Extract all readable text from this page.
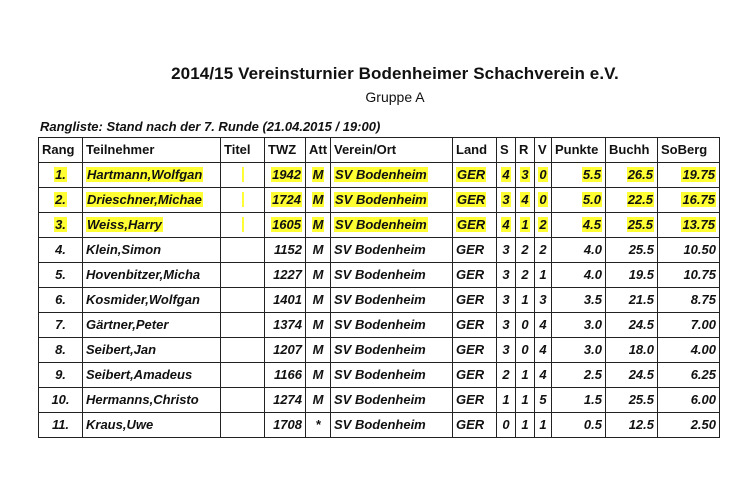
2014/15 Vereinsturnier Bodenheimer Schachverein e.V.
Gruppe A
Rangliste: Stand nach der 7. Runde (21.04.2015 / 19:00)
Rang	Teilnehmer	Titel	TWZ	Att	Verein/Ort	Land	S	R	V	Punkte	Buchh	SoBerg
1.	Hartmann,Wolfgan		1942	M	SV Bodenheim	GER	4	3	0	5.5	26.5	19.75
2.	Drieschner,Michae		1724	M	SV Bodenheim	GER	3	4	0	5.0	22.5	16.75
3.	Weiss,Harry		1605	M	SV Bodenheim	GER	4	1	2	4.5	25.5	13.75
4.	Klein,Simon		1152	M	SV Bodenheim	GER	3	2	2	4.0	25.5	10.50
5.	Hovenbitzer,Micha		1227	M	SV Bodenheim	GER	3	2	1	4.0	19.5	10.75
6.	Kosmider,Wolfgan		1401	M	SV Bodenheim	GER	3	1	3	3.5	21.5	8.75
7.	Gärtner,Peter		1374	M	SV Bodenheim	GER	3	0	4	3.0	24.5	7.00
8.	Seibert,Jan		1207	M	SV Bodenheim	GER	3	0	4	3.0	18.0	4.00
9.	Seibert,Amadeus		1166	M	SV Bodenheim	GER	2	1	4	2.5	24.5	6.25
10.	Hermanns,Christo		1274	M	SV Bodenheim	GER	1	1	5	1.5	25.5	6.00
11.	Kraus,Uwe		1708	*	SV Bodenheim	GER	0	1	1	0.5	12.5	2.50
